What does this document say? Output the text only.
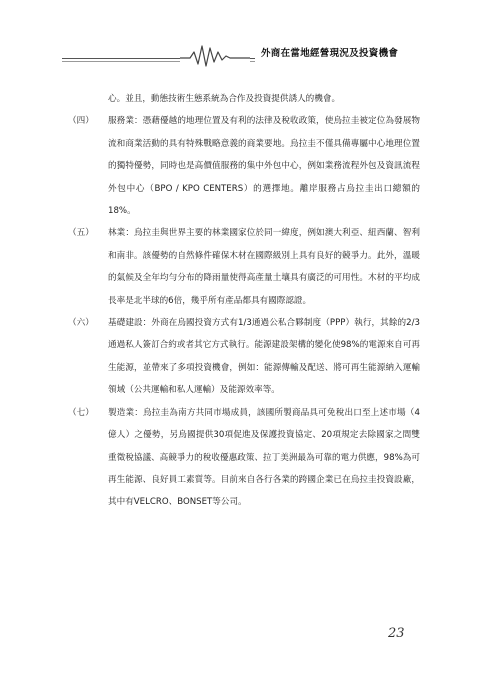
外商在當地經營現況及投資機會

心。並且，動態技術生態系統為合作及投資提供誘人的機會。

（四）	服務業：憑藉優越的地理位置及有利的法律及稅收政策，使烏拉圭被定位為發展物流和商業活動的具有特殊戰略意義的商業要地。烏拉圭不僅具備專屬中心地理位置的獨特優勢，同時也是高價值服務的集中外包中心，例如業務流程外包及資訊流程外包中心（BPO / KPO CENTERS）的選擇地。離岸服務占烏拉圭出口總額的18%。
（五）	林業：烏拉圭與世界主要的林業國家位於同一緯度，例如澳大利亞、紐西蘭、智利和南非。該優勢的自然條件確保木材在國際級別上具有良好的競爭力。此外，溫暖的氣候及全年均勻分布的降雨量使得高產量土壤具有廣泛的可用性。木材的平均成長率是北半球的6倍，幾乎所有產品都具有國際認證。
（六）	基礎建設：外商在烏國投資方式有1/3通過公私合夥制度（PPP）執行，其餘的2/3通過私人簽訂合約或者其它方式執行。能源建設架構的變化使98%的電源來自可再生能源，並帶來了多項投資機會，例如：能源傳輸及配送、將可再生能源納入運輸領域（公共運輸和私人運輸）及能源效率等。
（七）	製造業：烏拉圭為南方共同市場成員，該國所製商品具可免稅出口至上述市場（4億人）之優勢，另烏國提供30項促進及保護投資協定、20項規定去除國家之間雙重徵稅協議、高競爭力的稅收優惠政策、拉丁美洲最為可靠的電力供應，98%為可再生能源、良好員工素質等。目前來自各行各業的跨國企業已在烏拉圭投資設廠，其中有VELCRO、BONSET等公司。
23
